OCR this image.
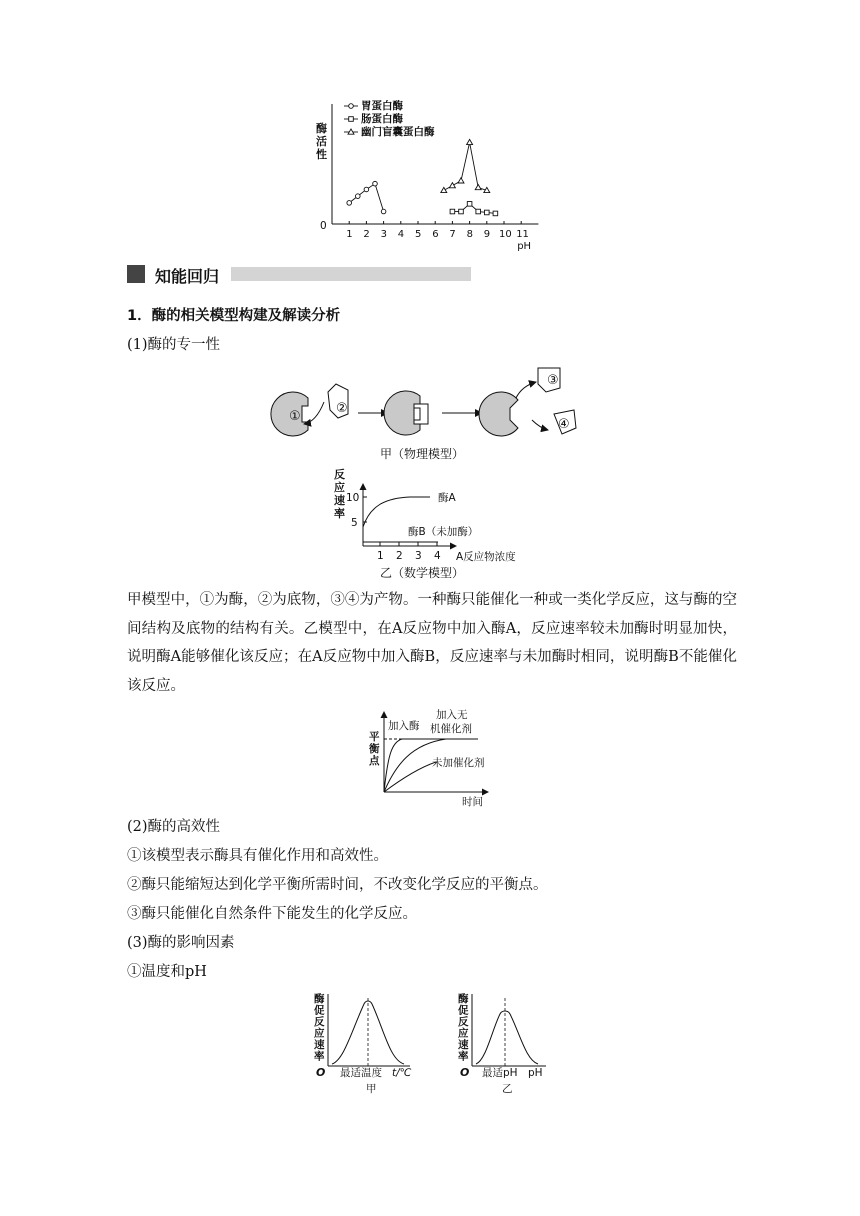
酶
活
性
0
1 2 3 4 5 6 7 8 9 10 11
pH
胃蛋白酶
肠蛋白酶
幽门盲囊蛋白酶
知能回归
1．酶的相关模型构建及解读分析
(1)酶的专一性
①
②
③
④
甲（物理模型）
反
应
速
率
10
5
1 2 3 4 A反应物浓度
酶A
酶B（未加酶）
乙（数学模型）
甲模型中，①为酶，②为底物，③④为产物。一种酶只能催化一种或一类化学反应，这与酶的空间结构及底物的结构有关。乙模型中，在A反应物中加入酶A，反应速率较未加酶时明显加快，说明酶A能够催化该反应；在A反应物中加入酶B，反应速率与未加酶时相同，说明酶B不能催化该反应。
平
衡
点
加入酶
加入无
机催化剂
未加催化剂
时间
(2)酶的高效性
①该模型表示酶具有催化作用和高效性。
②酶只能缩短达到化学平衡所需时间，不改变化学反应的平衡点。
③酶只能催化自然条件下能发生的化学反应。
(3)酶的影响因素
①温度和pH
酶
促
反
应
速
率
O 最适温度 t/℃
甲
酶
促
反
应
速
率
O 最适pH pH
乙
